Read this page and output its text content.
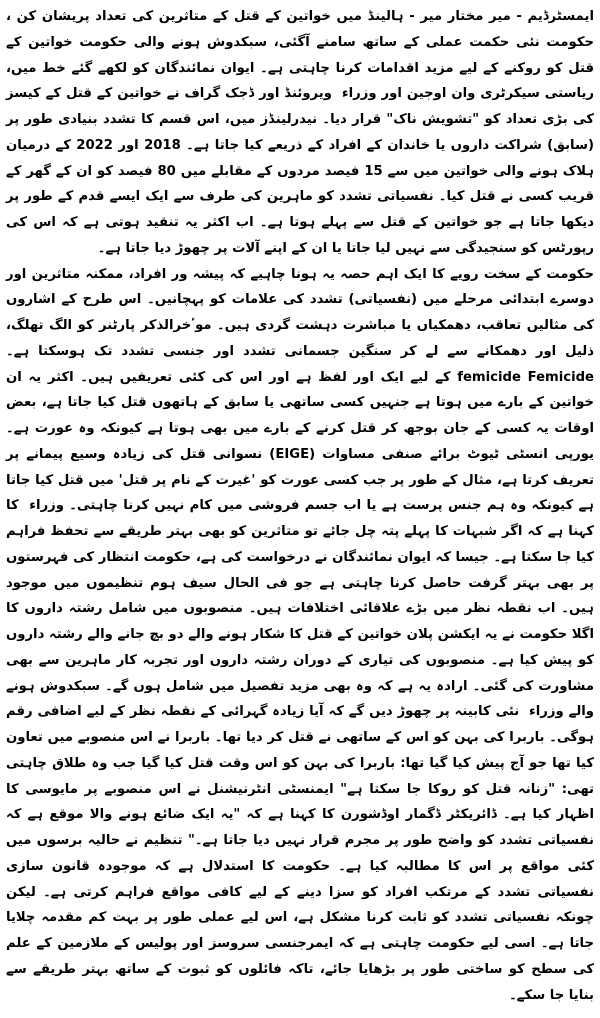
ایمسٹرڈیم - میر مختار میر - ہالینڈ میں خواتین کے قتل کے متاثرین کی تعداد پریشان کن ، حکومت نئی حکمت عملی کے ساتھ سامنے آگئی، سبکدوش ہونے والی حکومت خواتین کے قتل کو روکنے کے لیے مزید اقدامات کرنا چاہتی ہے۔ ایوان نمائندگان کو لکھے گئے خط میں، ریاستی سیکرٹری وان اوجین اور وزراء ￼ ویروئنڈ اور ڈجک گراف نے خواتین کے قتل کے کیسز کی بڑی تعداد کو "تشویش ناک" قرار دیا۔ نیدرلینڈز میں، اس قسم کا تشدد بنیادی طور پر (سابق) شراکت داروں یا خاندان کے افراد کے ذریعے کیا جاتا ہے۔ 2018 اور 2022 کے درمیان ہلاک ہونے والی خواتین میں سے 15 فیصد مردوں کے مقابلے میں 80 فیصد کو ان کے گھر کے قریب کسی نے قتل کیا۔ نفسیاتی تشدد کو ماہرین کی طرف سے ایک ایسے قدم کے طور پر دیکھا جاتا ہے جو خواتین کے قتل سے پہلے ہوتا ہے۔ اب اکثر یہ تنقید ہوتی ہے کہ اس کی رپورٹس کو سنجیدگی سے نہیں لیا جاتا یا ان کے اپنے آلات پر چھوڑ دیا جاتا ہے۔

حکومت کے سخت رویے کا ایک اہم حصہ یہ ہونا چاہیے کہ پیشہ ور افراد، ممکنہ متاثرین اور دوسرے ابتدائی مرحلے میں (نفسیاتی) تشدد کی علامات کو پہچانیں۔ اس طرح کے اشاروں کی مثالیں تعاقب، دھمکیاں یا مباشرت دہشت گردی ہیں۔ موٴخرالذکر پارٹنر کو الگ تھلگ، ذلیل اور دھمکانے سے لے کر سنگین جسمانی تشدد اور جنسی تشدد تک ہوسکتا ہے۔ femicide Femicide کے لیے ایک اور لفظ ہے اور اس کی کئی تعریفیں ہیں۔ اکثر یہ ان خواتین کے بارے میں ہوتا ہے جنہیں کسی ساتھی یا سابق کے ہاتھوں قتل کیا جاتا ہے، بعض اوقات یہ کسی کے جان بوجھ کر قتل کرنے کے بارے میں بھی ہوتا ہے کیونکہ وہ عورت ہے۔ یورپی انسٹی ٹیوٹ برائے صنفی مساوات (EIGE) نسوانی قتل کی زیادہ وسیع پیمانے پر تعریف کرتا ہے، مثال کے طور پر جب کسی عورت کو 'غیرت کے نام پر قتل' میں قتل کیا جاتا ہے کیونکہ وہ ہم جنس پرست ہے یا اب جسم فروشی میں کام نہیں کرنا چاہتی۔ وزراء ￼ کا کہنا ہے کہ اگر شبہات کا پہلے پتہ چل جائے تو متاثرین کو بھی بہتر طریقے سے تحفظ فراہم کیا جا سکتا ہے۔ جیسا کہ ایوان نمائندگان نے درخواست کی ہے، حکومت انتظار کی فہرستوں پر بھی بہتر گرفت حاصل کرنا چاہتی ہے جو فی الحال سیف ہوم تنظیموں میں موجود ہیں۔ اب نقطہ نظر میں بڑے علاقائی اختلافات ہیں۔ منصوبوں میں شامل رشتہ داروں کا اگلا حکومت نے یہ ایکشن پلان خواتین کے قتل کا شکار ہونے والے دو بچ جانے والے رشتہ داروں کو پیش کیا ہے۔ منصوبوں کی تیاری کے دوران رشتہ داروں اور تجربہ کار ماہرین سے بھی مشاورت کی گئی۔ ارادہ یہ ہے کہ وہ بھی مزید تفصیل میں شامل ہوں گے۔ سبکدوش ہونے والے وزراء ￼ نئی کابینہ پر چھوڑ دیں گے کہ آیا زیادہ گہرائی کے نقطہ نظر کے لیے اضافی رقم ہوگی۔ باربرا کی بہن کو اس کے ساتھی نے قتل کر دیا تھا۔ باربرا نے اس منصوبے میں تعاون کیا تھا جو آج پیش کیا گیا تھا: باربرا کی بہن کو اس وقت قتل کیا گیا جب وہ طلاق چاہتی تھی: "زنانہ قتل کو روکا جا سکتا ہے" ایمنسٹی انٹرنیشنل نے اس منصوبے پر مایوسی کا اظہار کیا ہے۔ ڈائریکٹر ڈگمار اوڈشورن کا کہنا ہے کہ "یہ ایک ضائع ہونے والا موقع ہے کہ نفسیاتی تشدد کو واضح طور پر مجرم قرار نہیں دیا جاتا ہے۔" تنظیم نے حالیہ برسوں میں کئی مواقع پر اس کا مطالبہ کیا ہے۔ حکومت کا استدلال ہے کہ موجودہ قانون سازی نفسیاتی تشدد کے مرتکب افراد کو سزا دینے کے لیے کافی مواقع فراہم کرتی ہے۔ لیکن چونکہ نفسیاتی تشدد کو ثابت کرنا مشکل ہے، اس لیے عملی طور پر بہت کم مقدمہ چلایا جاتا ہے۔ اسی لیے حکومت چاہتی ہے کہ ایمرجنسی سروسز اور پولیس کے ملازمین کے علم کی سطح کو ساختی طور پر بڑھایا جائے، تاکہ فائلوں کو ثبوت کے ساتھ بہتر طریقے سے بنایا جا سکے۔
